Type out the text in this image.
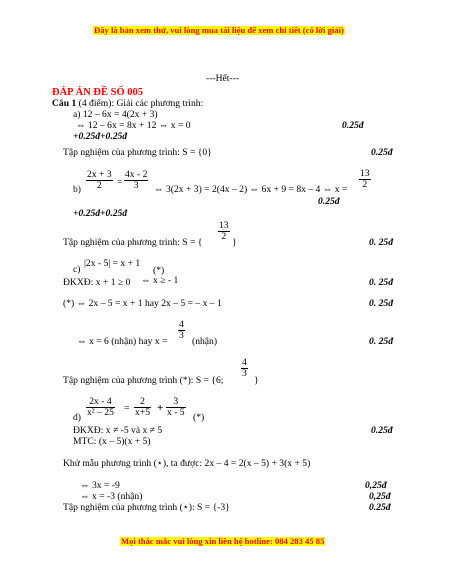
Đây là bản xem thử, vui lòng mua tài liệu để xem chi tiết (có lời giải)
---Hết---
ĐÁP ÁN ĐỀ SỐ 005
Câu 1 (4 điểm): Giải các phương trình:
a) 12 – 6x = 4(2x + 3)
⇔ 12 – 6x = 8x + 12 ⇔ x = 0	0.25đ
+0.25đ+0.25đ
Tập nghiệm của phương trình: S = {0}	0.25đ
$b) \frac{2x + 3}{2} = \frac{4x - 2}{3}$ ⇔ 3(2x + 3) = 2(4x – 2) ⇔ 6x + 9 = 8x – 4 ⇔ $x = \frac{13}{2}$
0.25đ
+0.25đ+0.25đ
Tập nghiệm của phương trình: S = {
$\frac{13}{2}$
}	0. 25đ
c)
|2x - 5| = x + 1
(*)
ĐKXĐ: x + 1 ≥ 0 ⇔ x ≥ - 1	0. 25đ
(*) ⇔ 2x – 5 = x + 1 hay 2x – 5 = – x – 1	0. 25đ
⇔ x = 6 (nhận) hay x =
$\frac{4}{3}$
(nhận)	0. 25đ
Tập nghiệm của phương trình (*): S = {6;
$\frac{4}{3}$
}
$d) \frac{2x - 4}{\text{x² – 25}} = \frac{2}{x+5} + \frac{3}{x - 5}$ (*)
ĐKXĐ: x ≠ -5 và x ≠ 5	0.25đ
MTC: (x – 5)(x + 5)
Khử mẫu phương trình (⋆), ta được: 2x – 4 = 2(x – 5) + 3(x + 5)
⇔ 3x = -9	0,25đ
⇔ x = -3 (nhận)	0,25đ
Tập nghiệm của phương trình (⋆): S = {-3}	0.25đ
Mọi thắc mắc vui lòng xin liên hệ hotline: 084 283 45 85
